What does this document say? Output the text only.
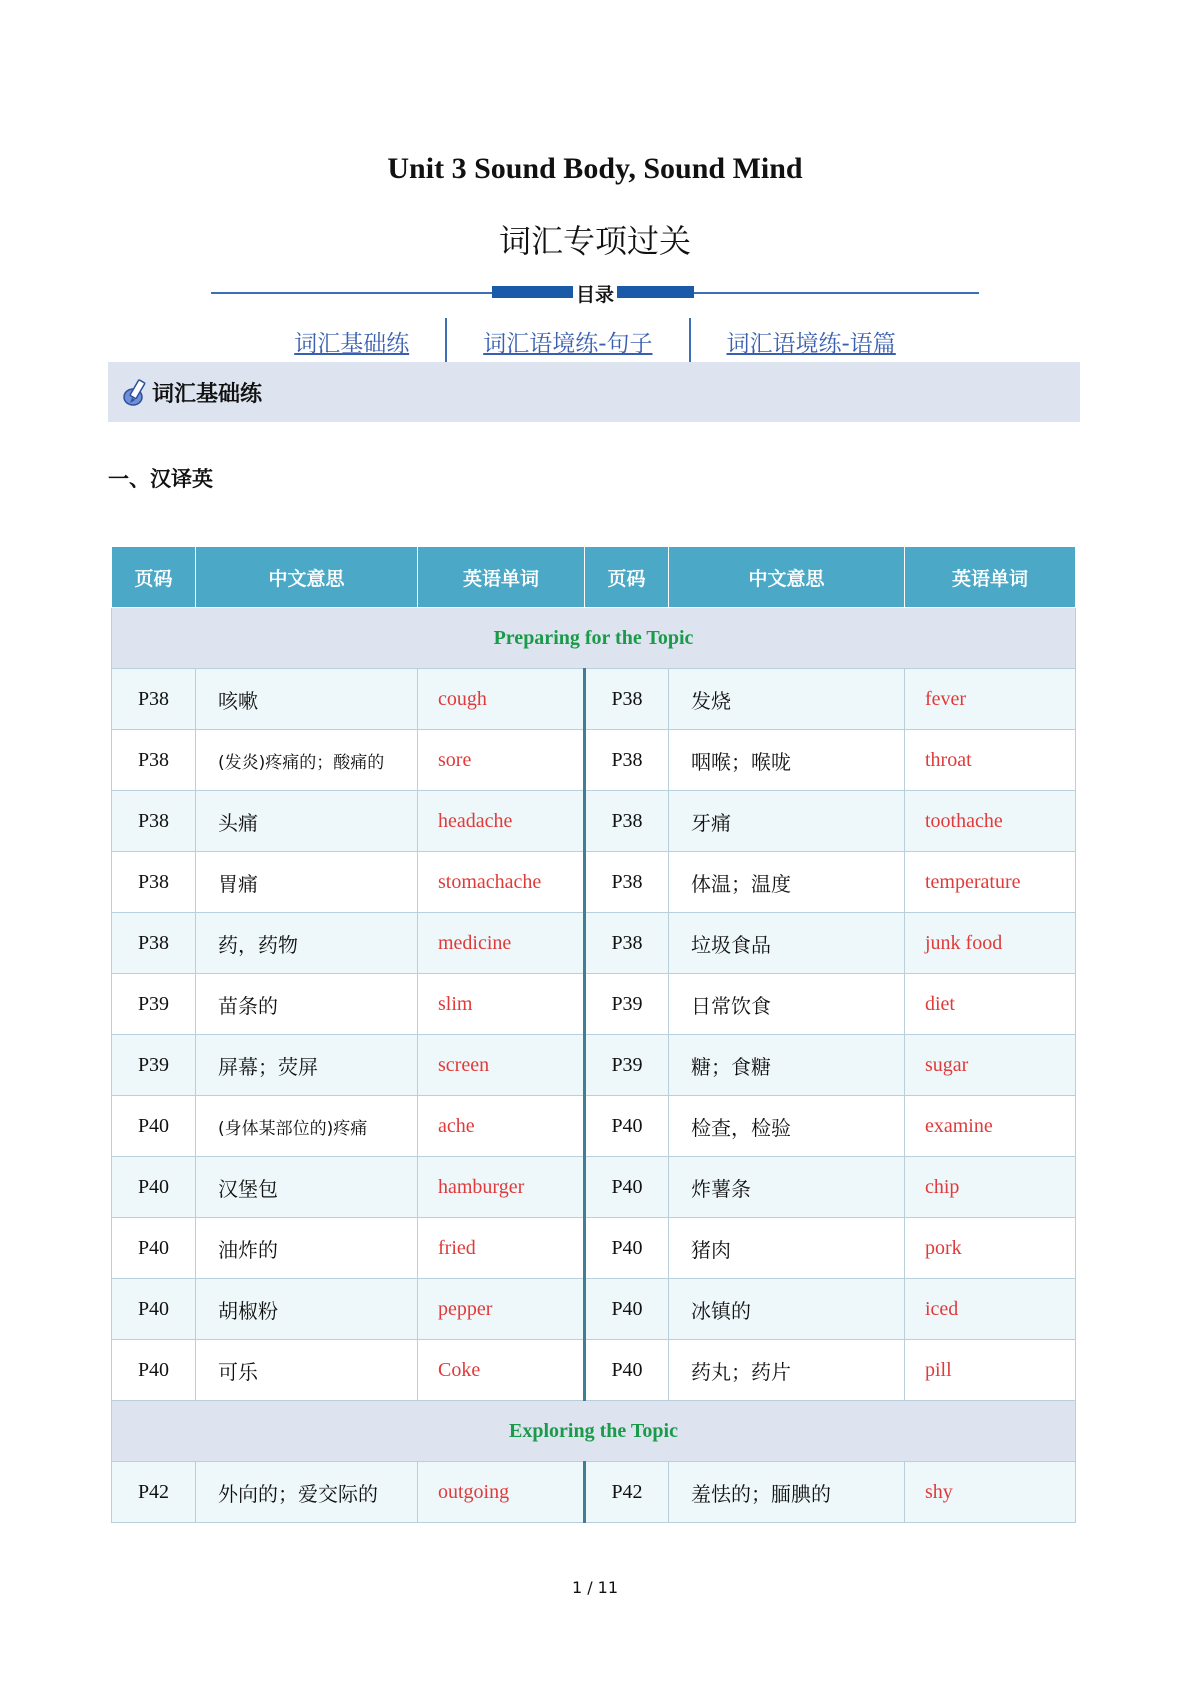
Unit 3 Sound Body, Sound Mind
词汇专项过关
目录
词汇基础练	词汇语境练-句子	词汇语境练-语篇
词汇基础练
一、汉译英
页码	中文意思	英语单词	页码	中文意思	英语单词
Preparing for the Topic					
P38	咳嗽	cough	P38	发烧	fever
P38	(发炎)疼痛的；酸痛的	sore	P38	咽喉；喉咙	throat
P38	头痛	headache	P38	牙痛	toothache
P38	胃痛	stomachache	P38	体温；温度	temperature
P38	药，药物	medicine	P38	垃圾食品	junk food
P39	苗条的	slim	P39	日常饮食	diet
P39	屏幕；荧屏	screen	P39	糖；食糖	sugar
P40	(身体某部位的)疼痛	ache	P40	检查，检验	examine
P40	汉堡包	hamburger	P40	炸薯条	chip
P40	油炸的	fried	P40	猪肉	pork
P40	胡椒粉	pepper	P40	冰镇的	iced
P40	可乐	Coke	P40	药丸；药片	pill
Exploring the Topic					
P42	外向的；爱交际的	outgoing	P42	羞怯的；腼腆的	shy
1 / 11
